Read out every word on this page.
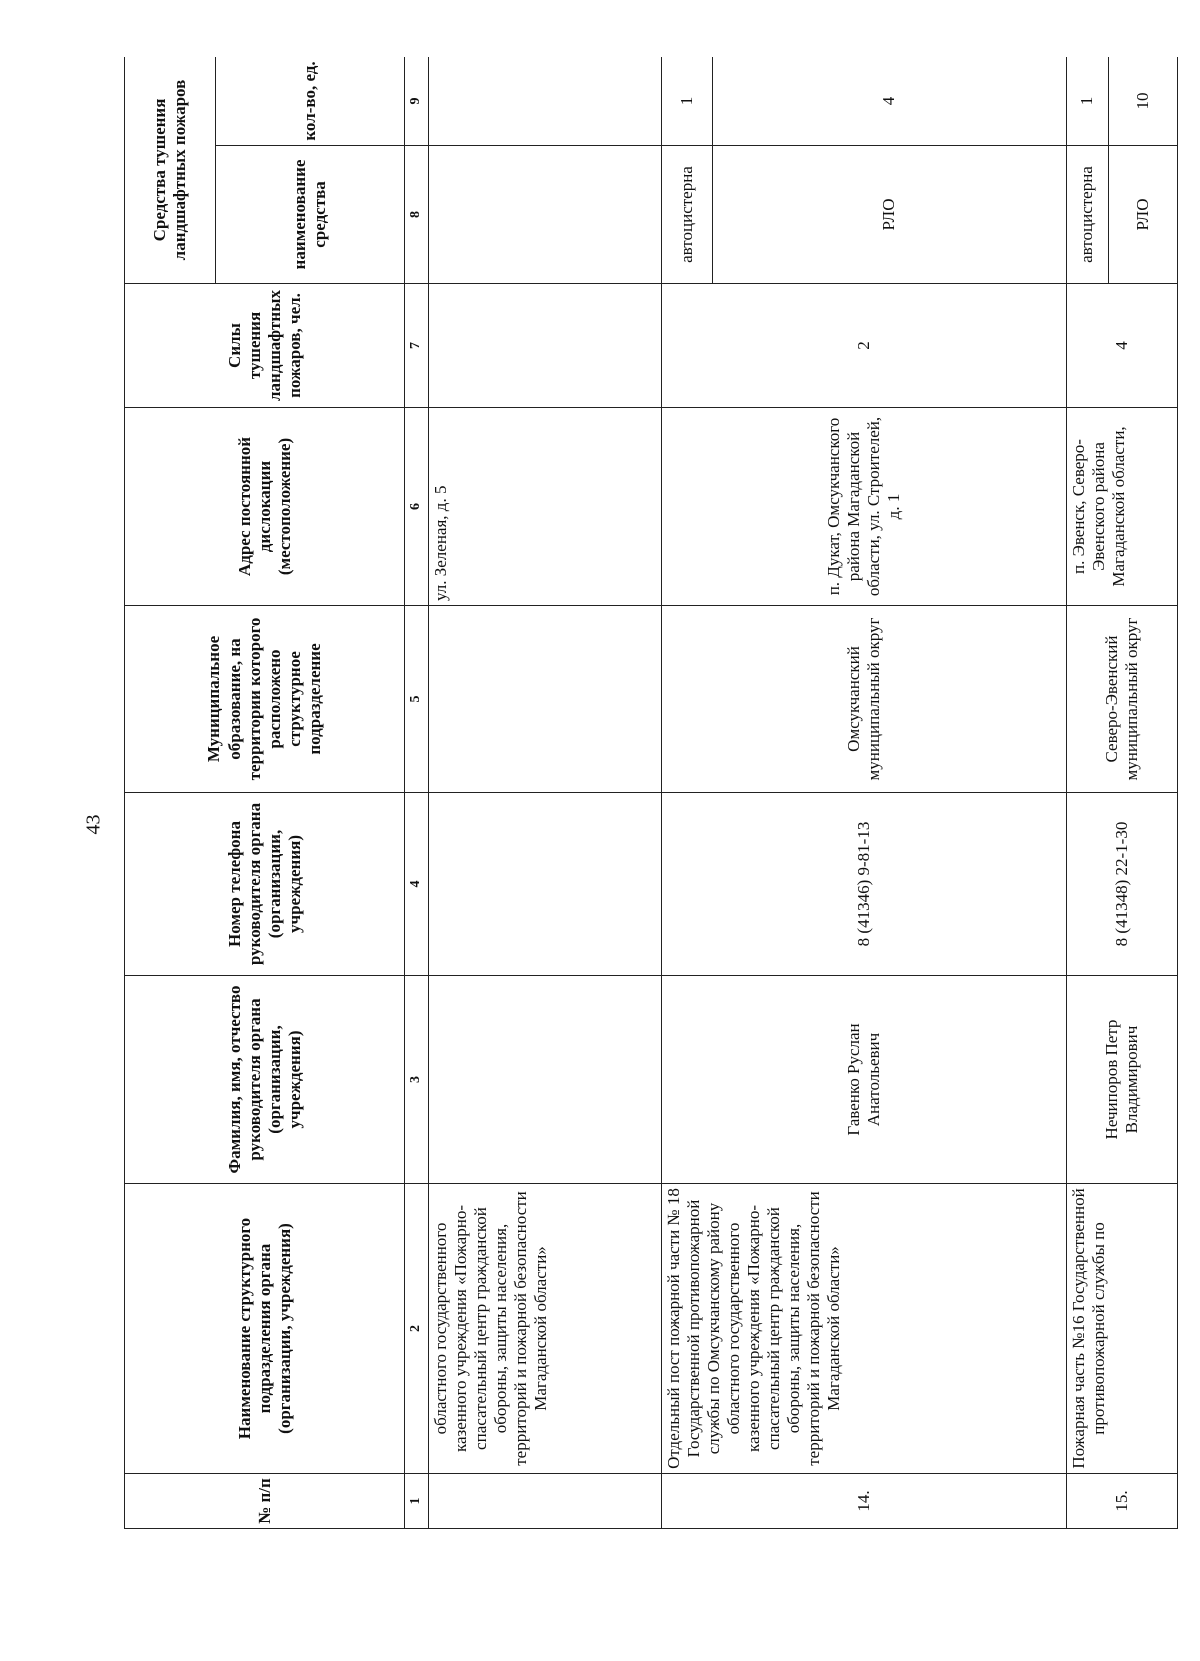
43
№ п/п	Наименование структурного подразделения органа (организации, учреждения)	Фамилия, имя, отчество руководителя органа (организации, учреждения)	Номер телефона руководителя органа (организации, учреждения)	Муниципальное образование, на территории которого расположено структурное подразделение	Адрес постоянной дислокации (местоположение)	Силы тушения ландшафтных пожаров, чел.	Средства тушения ландшафтных пожаров	
							наименование средства	кол-во, ед.
1	2	3	4	5	6	7	8	9
	областного государственного казенного учреждения «Пожарно-спасательный центр гражданской обороны, защиты населения, территорий и пожарной безопасности Магаданской области»				ул. Зеленая, д. 5			
14.	Отдельный пост пожарной части № 18 Государственной противопожарной службы по Омсукчанскому району областного государственного казенного учреждения «Пожарно-спасательный центр гражданской обороны, защиты населения, территорий и пожарной безопасности Магаданской области»	Гавенко Руслан Анатольевич	8 (41346) 9-81-13	Омсукчанский муниципальный округ	п. Дукат, Омсукчанского района Магаданской области, ул. Строителей, д. 1	2	автоцистерна	1
							РЛО	4
15.	Пожарная часть №16 Государственной противопожарной службы по	Нечипоров Петр Владимирович	8 (41348) 22-1-30	Северо-Эвенский муниципальный округ	п. Эвенск, Северо-Эвенского района Магаданской области,	4	автоцистерна	1
							РЛО	10
